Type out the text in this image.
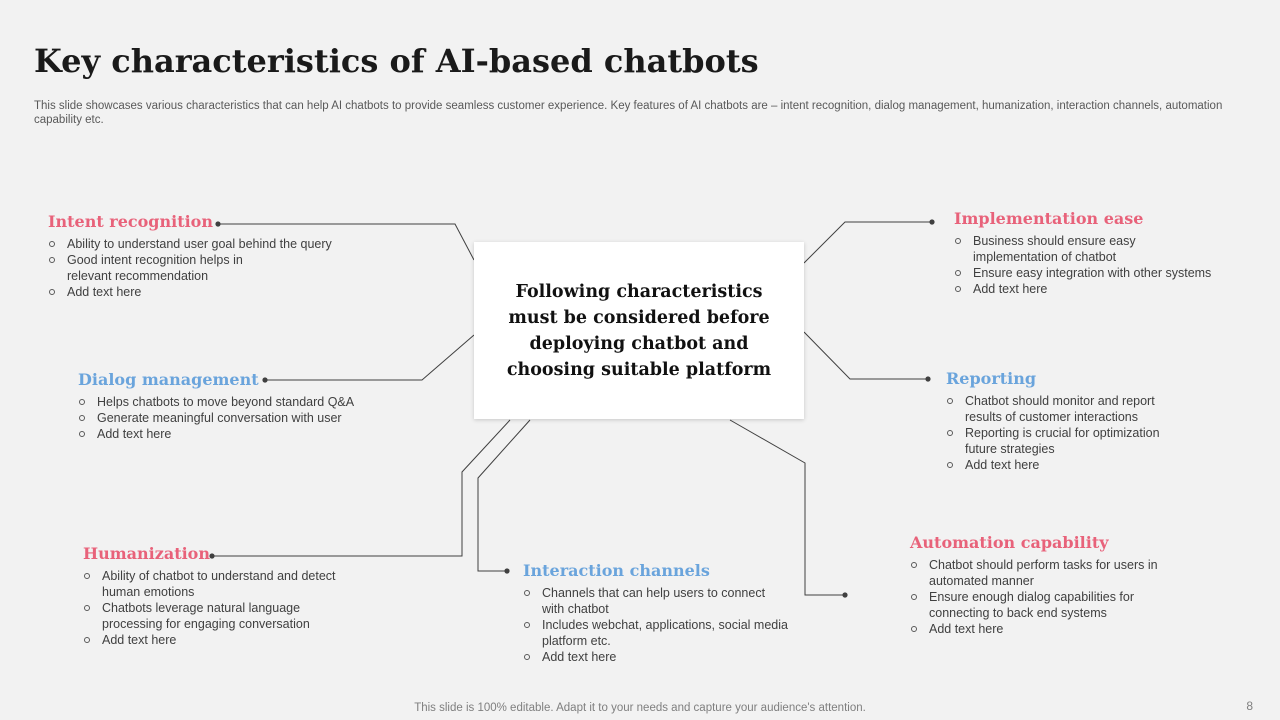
Key characteristics of AI-based chatbots

This slide showcases various characteristics that can help AI chatbots to provide seamless customer experience. Key features of AI chatbots are – intent recognition, dialog management, humanization, interaction channels, automation capability etc.

Following characteristics must be considered before deploying chatbot and choosing suitable platform
Intent recognition
Ability to understand user goal behind the query
Good intent recognition helps in relevant recommendation
Add text here
Dialog management
Helps chatbots to move beyond standard Q&A
Generate meaningful conversation with user
Add text here
Humanization
Ability of chatbot to understand and detect human emotions
Chatbots leverage natural language processing for engaging conversation
Add text here
Interaction channels
Channels that can help users to connect with chatbot
Includes webchat, applications, social media platform etc.
Add text here
Implementation ease
Business should ensure easy implementation of chatbot
Ensure easy integration with other systems
Add text here
Reporting
Chatbot should monitor and report results of customer interactions
Reporting is crucial for optimization future strategies
Add text here
Automation capability
Chatbot should perform tasks for users in automated manner
Ensure enough dialog capabilities for connecting to back end systems
Add text here
This slide is 100% editable. Adapt it to your needs and capture your audience's attention.	8
